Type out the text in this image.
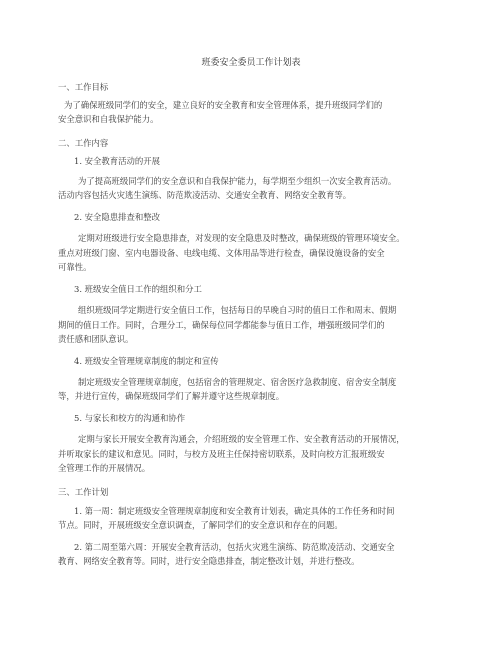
班委安全委员工作计划表
一、工作目标
为了确保班级同学们的安全，建立良好的安全教育和安全管理体系，提升班级同学们的
安全意识和自我保护能力。
二、工作内容
1. 安全教育活动的开展
为了提高班级同学们的安全意识和自我保护能力，每学期至少组织一次安全教育活动。
活动内容包括火灾逃生演练、防范欺凌活动、交通安全教育、网络安全教育等。
2. 安全隐患排查和整改
定期对班级进行安全隐患排查，对发现的安全隐患及时整改，确保班级的管理环境安全。
重点对班级门窗、室内电器设备、电线电缆、文体用品等进行检查，确保设施设备的安全
可靠性。
3. 班级安全值日工作的组织和分工
组织班级同学定期进行安全值日工作，包括每日的早晚自习时的值日工作和周末、假期
期间的值日工作。同时，合理分工，确保每位同学都能参与值日工作，增强班级同学们的
责任感和团队意识。
4. 班级安全管理规章制度的制定和宣传
制定班级安全管理规章制度，包括宿舍的管理规定、宿舍医疗急救制度、宿舍安全制度
等，并进行宣传，确保班级同学们了解并遵守这些规章制度。
5. 与家长和校方的沟通和协作
定期与家长开展安全教育沟通会，介绍班级的安全管理工作、安全教育活动的开展情况，
并听取家长的建议和意见。同时，与校方及班主任保持密切联系，及时向校方汇报班级安
全管理工作的开展情况。
三、工作计划
1. 第一周：制定班级安全管理规章制度和安全教育计划表，确定具体的工作任务和时间
节点。同时，开展班级安全意识调查，了解同学们的安全意识和存在的问题。
2. 第二周至第六周：开展安全教育活动，包括火灾逃生演练、防范欺凌活动、交通安全
教育、网络安全教育等。同时，进行安全隐患排查，制定整改计划，并进行整改。
